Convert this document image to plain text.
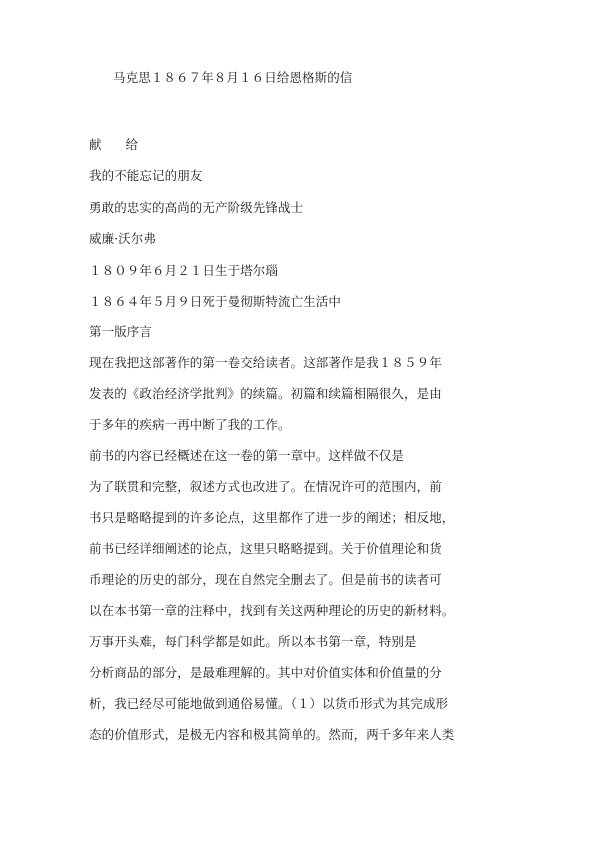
马克思１８６７年８月１６日给恩格斯的信
献 给
我的不能忘记的朋友
勇敢的忠实的高尚的无产阶级先锋战士
威廉·沃尔弗
１８０９年６月２１日生于塔尔瑙
１８６４年５月９日死于曼彻斯特流亡生活中
第一版序言
现在我把这部著作的第一卷交给读者。这部著作是我１８５９年
发表的《政治经济学批判》的续篇。初篇和续篇相隔很久，是由
于多年的疾病一再中断了我的工作。
前书的内容已经概述在这一卷的第一章中。这样做不仅是
为了联贯和完整，叙述方式也改进了。在情况许可的范围内，前
书只是略略提到的许多论点，这里都作了进一步的阐述；相反地，
前书已经详细阐述的论点，这里只略略提到。关于价值理论和货
币理论的历史的部分，现在自然完全删去了。但是前书的读者可
以在本书第一章的注释中，找到有关这两种理论的历史的新材料。
万事开头难，每门科学都是如此。所以本书第一章，特别是
分析商品的部分，是最难理解的。其中对价值实体和价值量的分
析，我已经尽可能地做到通俗易懂。（１）以货币形式为其完成形
态的价值形式，是极无内容和极其简单的。然而，两千多年来人类
